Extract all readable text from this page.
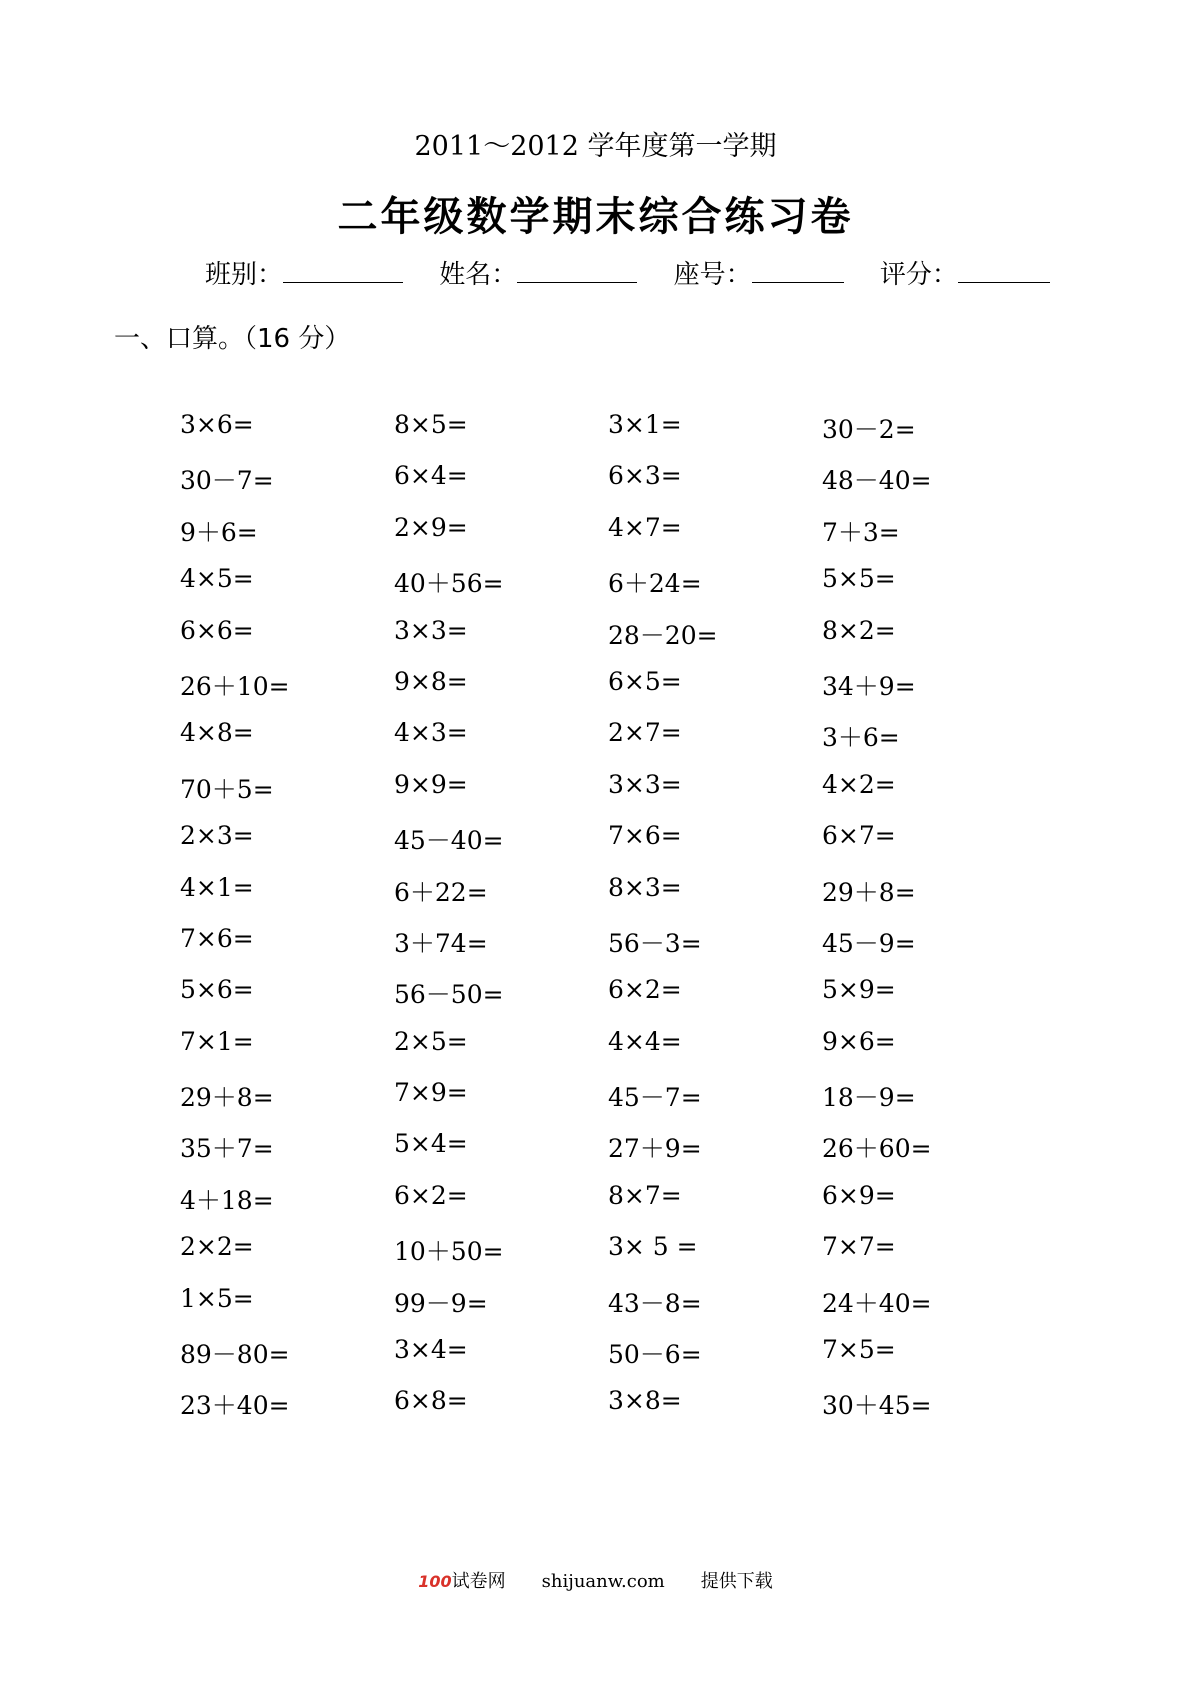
2011～2012 学年度第一学期
二年级数学期末综合练习卷
班别：	姓名：	座号：	评分：
一、口算。（16 分）
3×6=	8×5=	3×1=	30－2=
30－7=	6×4=	6×3=	48－40=
9＋6=	2×9=	4×7=	7＋3=
4×5=	40＋56=	6＋24=	5×5=
6×6=	3×3=	28－20=	8×2=
26＋10=	9×8=	6×5=	34＋9=
4×8=	4×3=	2×7=	3＋6=
70＋5=	9×9=	3×3=	4×2=
2×3=	45－40=	7×6=	6×7=
4×1=	6＋22=	8×3=	29＋8=
7×6=	3＋74=	56－3=	45－9=
5×6=	56－50=	6×2=	5×9=
7×1=	2×5=	4×4=	9×6=
29＋8=	7×9=	45－7=	18－9=
35＋7=	5×4=	27＋9=	26＋60=
4＋18=	6×2=	8×7=	6×9=
2×2=	10＋50=	3× 5 =	7×7=
1×5=	99－9=	43－8=	24＋40=
89－80=	3×4=	50－6=	7×5=
23＋40=	6×8=	3×8=	30＋45=
100试卷网 shijuanw.com 提供下载
